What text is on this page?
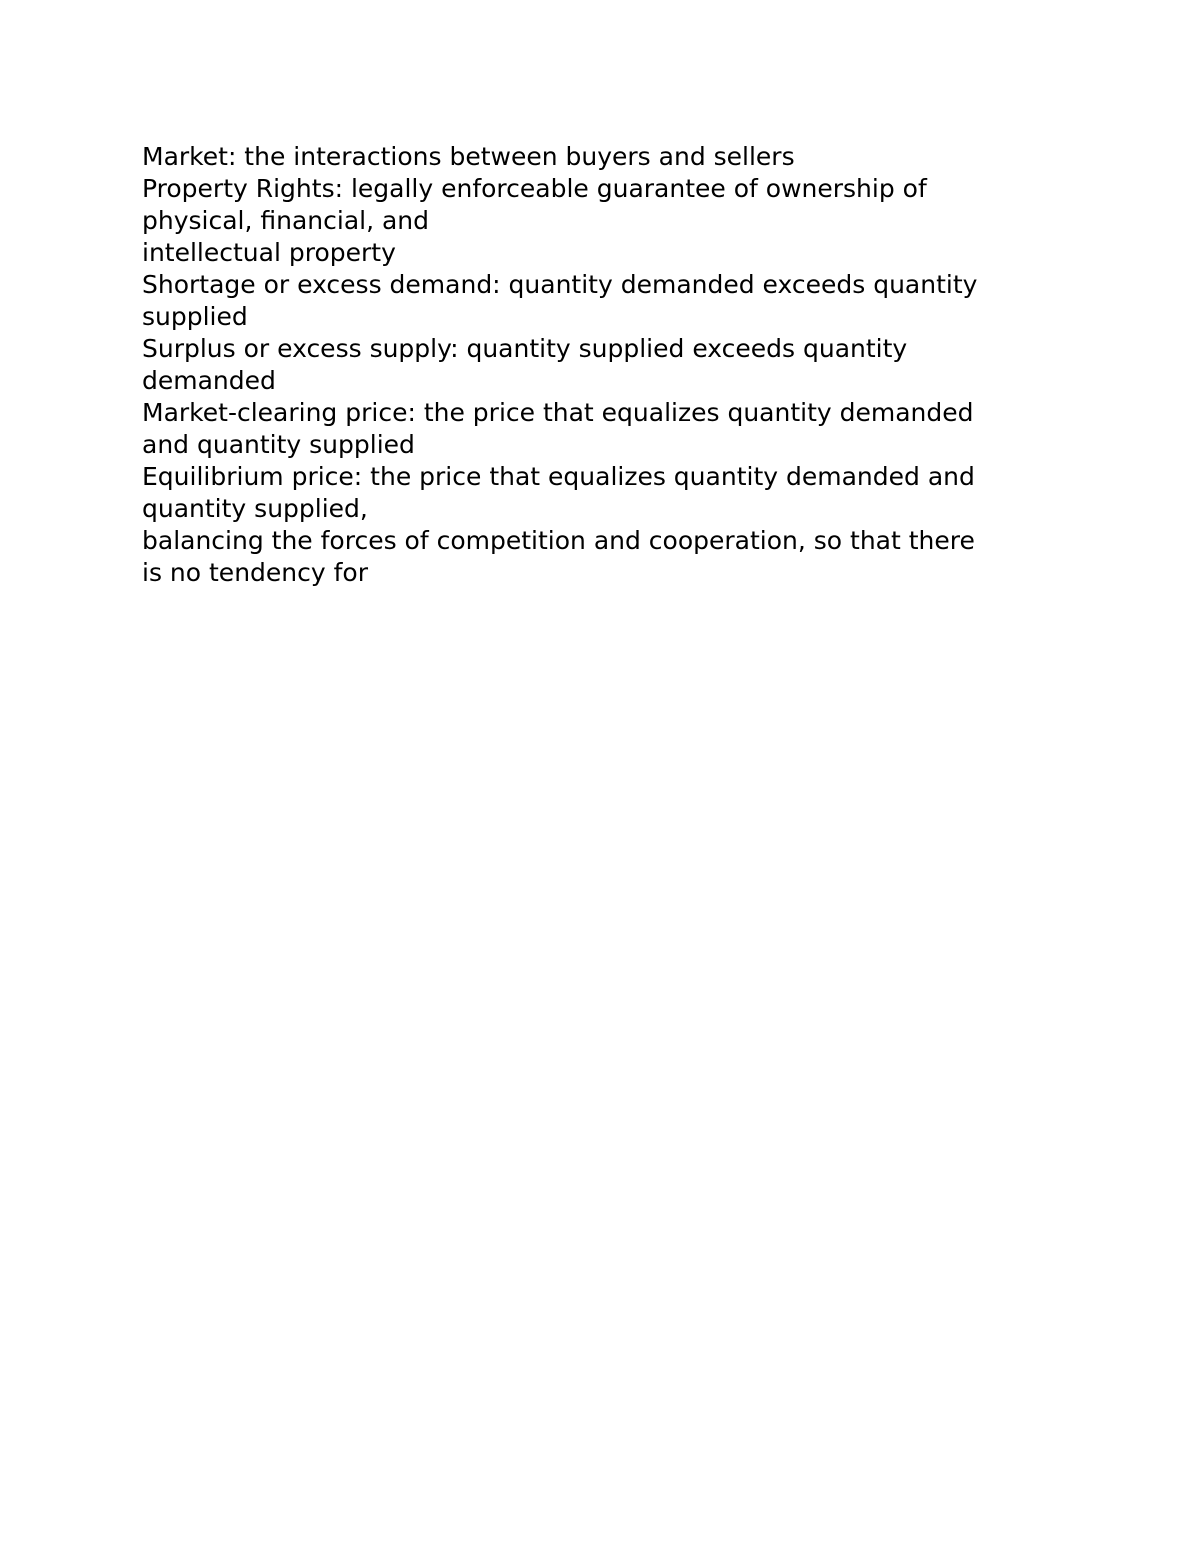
Market: the interactions between buyers and sellers
Property Rights: legally enforceable guarantee of ownership of
physical, financial, and
intellectual property
Shortage or excess demand: quantity demanded exceeds quantity
supplied
Surplus or excess supply: quantity supplied exceeds quantity
demanded
Market-clearing price: the price that equalizes quantity demanded
and quantity supplied
Equilibrium price: the price that equalizes quantity demanded and
quantity supplied,
balancing the forces of competition and cooperation, so that there
is no tendency for
